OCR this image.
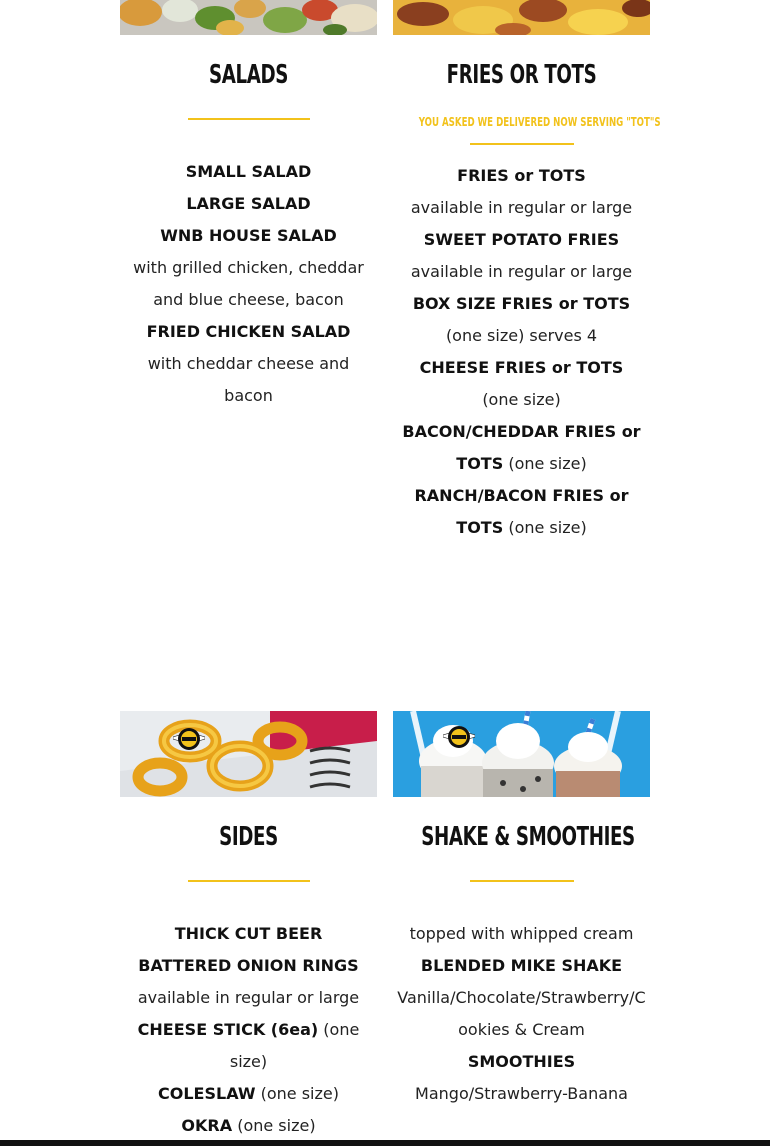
SALADS
SMALL SALAD
LARGE SALAD
WNB HOUSE SALAD
with grilled chicken, cheddar and blue cheese, bacon
FRIED CHICKEN SALAD
with cheddar cheese and bacon
FRIES OR TOTS
YOU ASKED WE DELIVERED NOW SERVING "TOT"S
FRIES or TOTS
available in regular or large
SWEET POTATO FRIES
available in regular or large
BOX SIZE FRIES or TOTS (one size) serves 4
CHEESE FRIES or TOTS (one size)
BACON/CHEDDAR FRIES or TOTS (one size)
RANCH/BACON FRIES or TOTS (one size)
SIDES
THICK CUT BEER BATTERED ONION RINGS
available in regular or large
CHEESE STICK (6ea) (one size)
COLESLAW (one size)
OKRA (one size)
SHAKE & SMOOTHIES
topped with whipped cream
BLENDED MIKE SHAKE
Vanilla/Chocolate/Strawberry/Cookies & Cream
SMOOTHIES
Mango/Strawberry-Banana
